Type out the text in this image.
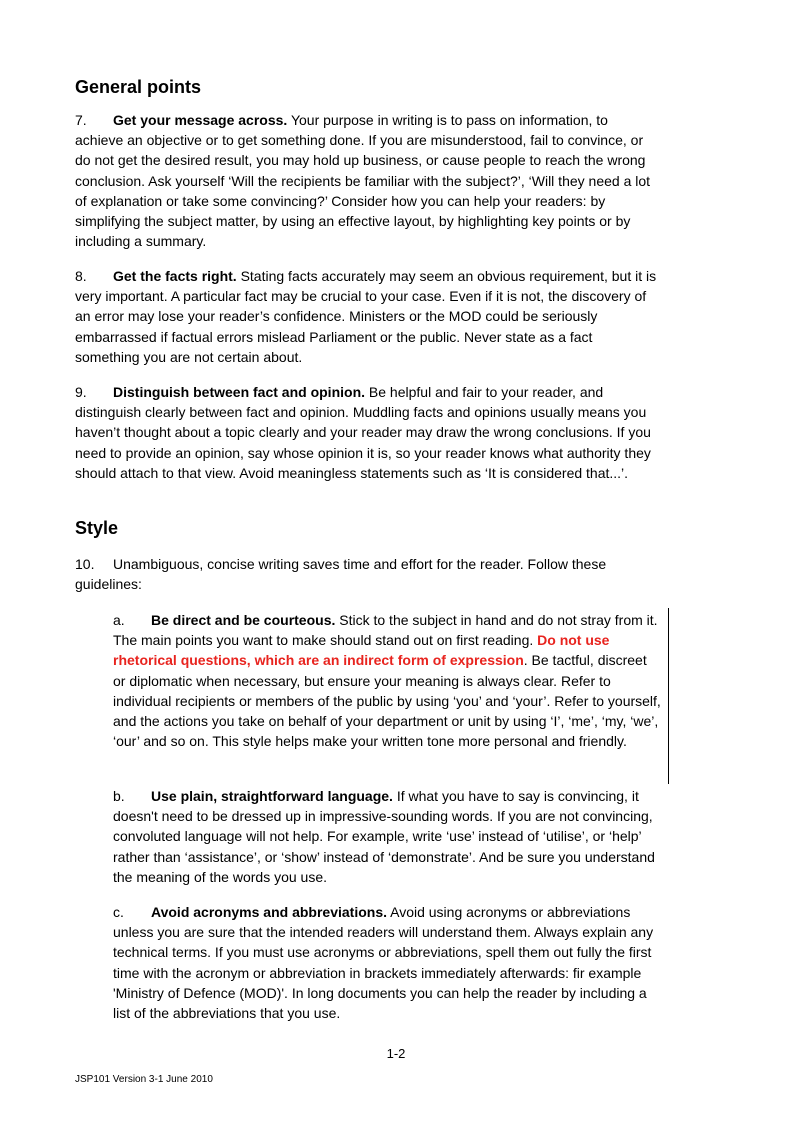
General points

7. Get your message across. Your purpose in writing is to pass on information, to achieve an objective or to get something done. If you are misunderstood, fail to convince, or do not get the desired result, you may hold up business, or cause people to reach the wrong conclusion. Ask yourself ‘Will the recipients be familiar with the subject?’, ‘Will they need a lot of explanation or take some convincing?’ Consider how you can help your readers: by simplifying the subject matter, by using an effective layout, by highlighting key points or by including a summary.

8. Get the facts right. Stating facts accurately may seem an obvious requirement, but it is very important. A particular fact may be crucial to your case. Even if it is not, the discovery of an error may lose your reader’s confidence. Ministers or the MOD could be seriously embarrassed if factual errors mislead Parliament or the public. Never state as a fact something you are not certain about.

9. Distinguish between fact and opinion. Be helpful and fair to your reader, and distinguish clearly between fact and opinion. Muddling facts and opinions usually means you haven’t thought about a topic clearly and your reader may draw the wrong conclusions. If you need to provide an opinion, say whose opinion it is, so your reader knows what authority they should attach to that view. Avoid meaningless statements such as ‘It is considered that...’.

Style

10. Unambiguous, concise writing saves time and effort for the reader. Follow these guidelines:

a. Be direct and be courteous. Stick to the subject in hand and do not stray from it. The main points you want to make should stand out on first reading. Do not use rhetorical questions, which are an indirect form of expression. Be tactful, discreet or diplomatic when necessary, but ensure your meaning is always clear. Refer to individual recipients or members of the public by using ‘you’ and ‘your’. Refer to yourself, and the actions you take on behalf of your department or unit by using ‘I’, ‘me’, ‘my, ‘we’, ‘our’ and so on. This style helps make your written tone more personal and friendly.

b. Use plain, straightforward language. If what you have to say is convincing, it doesn't need to be dressed up in impressive-sounding words. If you are not convincing, convoluted language will not help. For example, write ‘use’ instead of ‘utilise’, or ‘help’ rather than ‘assistance’, or ‘show’ instead of ‘demonstrate’. And be sure you understand the meaning of the words you use.

c. Avoid acronyms and abbreviations. Avoid using acronyms or abbreviations unless you are sure that the intended readers will understand them. Always explain any technical terms. If you must use acronyms or abbreviations, spell them out fully the first time with the acronym or abbreviation in brackets immediately afterwards: fir example 'Ministry of Defence (MOD)'. In long documents you can help the reader by including a list of the abbreviations that you use.

1-2
JSP101 Version 3-1 June 2010
